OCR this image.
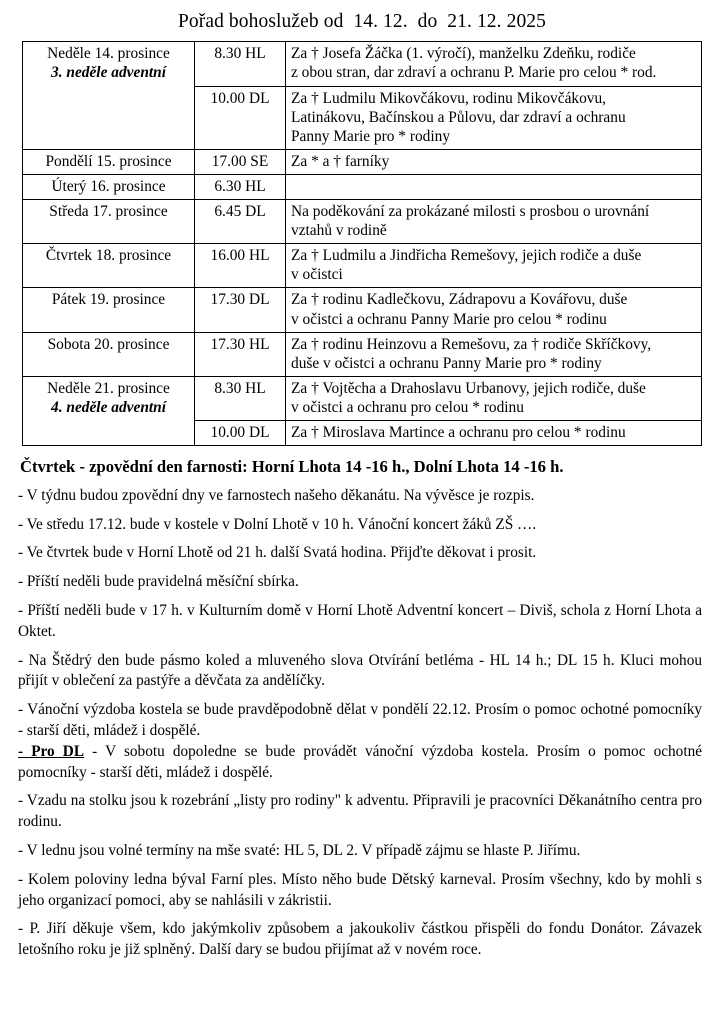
Pořad bohoslužeb od  14. 12.  do  21. 12. 2025
Neděle 14. prosince
3. neděle adventní	8.30 HL	Za † Josefa Žáčka (1. výročí), manželku Zdeňku, rodiče
z obou stran, dar zdraví a ochranu P. Marie pro celou * rod.

	10.00 DL	Za † Ludmilu Mikovčákovu, rodinu Mikovčákovu,
Latinákovu, Bačínskou a Půlovu, dar zdraví a ochranu
Panny Marie pro * rodiny

Pondělí 15. prosince	17.00 SE	Za * a † farníky

Úterý 16. prosince	6.30 HL	

Středa 17. prosince	6.45 DL	Na poděkování za prokázané milosti s prosbou o urovnání
vztahů v rodině

Čtvrtek 18. prosince	16.00 HL	Za † Ludmilu a Jindřicha Remešovy, jejich rodiče a duše
v očistci

Pátek 19. prosince	17.30 DL	Za † rodinu Kadlečkovu, Zádrapovu a Kovářovu, duše
v očistci a ochranu Panny Marie pro celou * rodinu

Sobota 20. prosince	17.30 HL	Za † rodinu Heinzovu a Remešovu, za † rodiče Skříčkovy,
duše v očistci a ochranu Panny Marie pro * rodiny

Neděle 21. prosince
4. neděle adventní	8.30 HL	Za † Vojtěcha a Drahoslavu Urbanovy, jejich rodiče, duše
v očistci a ochranu pro celou * rodinu

	10.00 DL	Za † Miroslava Martince a ochranu pro celou * rodinu
Čtvrtek - zpovědní den farnosti: Horní Lhota 14 -16 h., Dolní Lhota 14 -16 h.

- V týdnu budou zpovědní dny ve farnostech našeho děkanátu. Na vývěsce je rozpis.

- Ve středu 17.12. bude v kostele v Dolní Lhotě v 10 h. Vánoční koncert žáků ZŠ ….

- Ve čtvrtek bude v Horní Lhotě od 21 h. další Svatá hodina. Přijďte děkovat i prosit.

- Příští neděli bude pravidelná měsíční sbírka.

- Příští neděli bude v 17 h. v Kulturním domě v Horní Lhotě Adventní koncert – Diviš, schola z Horní Lhota a Oktet.

- Na Štědrý den bude pásmo koled a mluveného slova Otvírání betléma - HL 14 h.; DL 15 h. Kluci mohou přijít v oblečení za pastýře a děvčata za andělíčky.

- Vánoční výzdoba kostela se bude pravděpodobně dělat v pondělí 22.12. Prosím o pomoc ochotné pomocníky - starší děti, mládež i dospělé.

- Pro DL - V sobotu dopoledne se bude provádět vánoční výzdoba kostela. Prosím o pomoc ochotné pomocníky - starší děti, mládež i dospělé.

- Vzadu na stolku jsou k rozebrání „listy pro rodiny" k adventu. Připravili je pracovníci Děkanátního centra pro rodinu.

- V lednu jsou volné termíny na mše svaté: HL 5, DL 2. V případě zájmu se hlaste P. Jiřímu.

- Kolem poloviny ledna býval Farní ples. Místo něho bude Dětský karneval. Prosím všechny, kdo by mohli s jeho organizací pomoci, aby se nahlásili v zákristii.

- P. Jiří děkuje všem, kdo jakýmkoliv způsobem a jakoukoliv částkou přispěli do fondu Donátor. Závazek letošního roku je již splněný. Další dary se budou přijímat až v novém roce.
